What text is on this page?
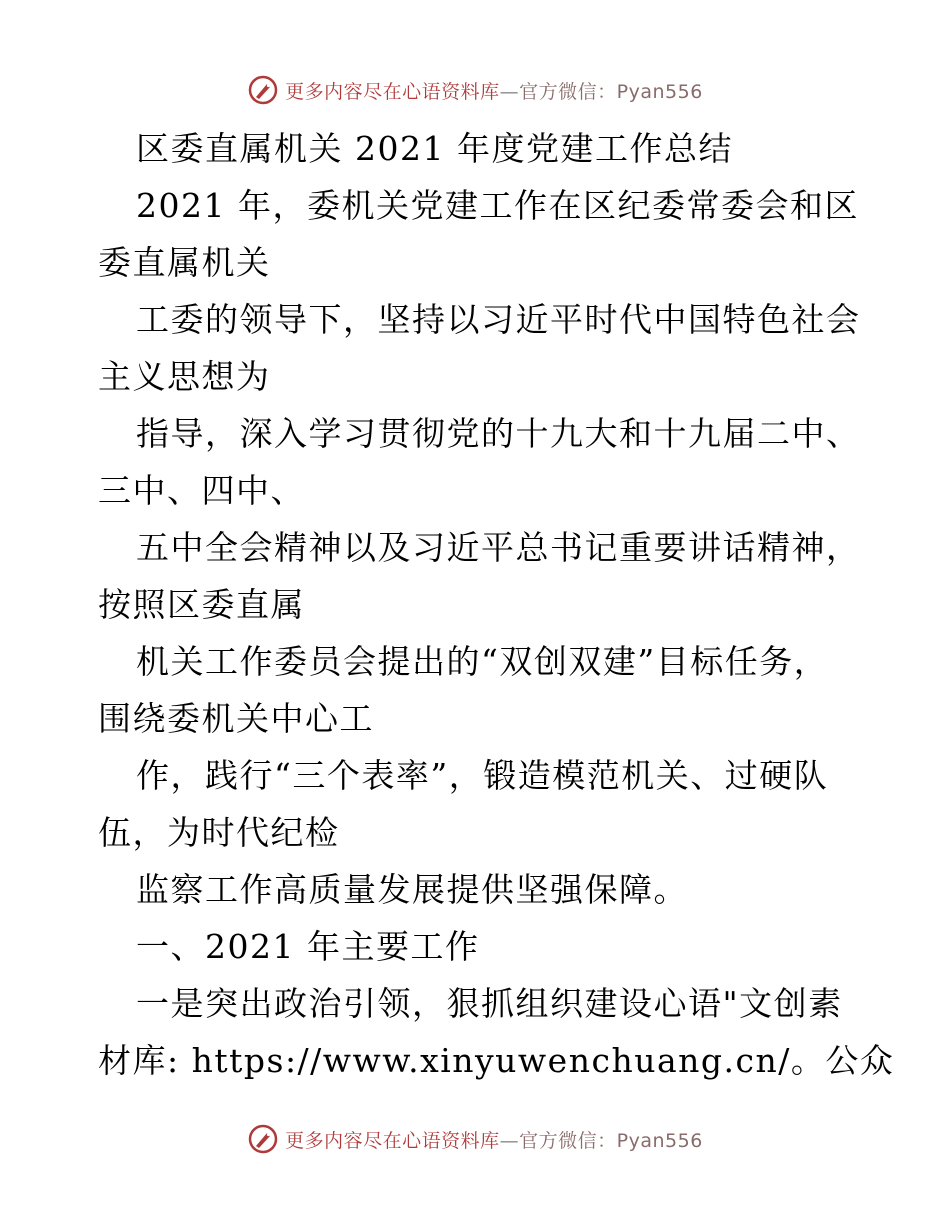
更多内容尽在心语资料库—官方微信：Pyan556
区委直属机关 2021 年度党建工作总结
2021 年，委机关党建工作在区纪委常委会和区
委直属机关
工委的领导下，坚持以习近平时代中国特色社会
主义思想为
指导，深入学习贯彻党的十九大和十九届二中、
三中、四中、
五中全会精神以及习近平总书记重要讲话精神，
按照区委直属
机关工作委员会提出的“双创双建”目标任务，
围绕委机关中心工
作，践行“三个表率”，锻造模范机关、过硬队
伍，为时代纪检
监察工作高质量发展提供坚强保障。
一、2021 年主要工作
一是突出政治引领，狠抓组织建设心语"文创素
材库: https://www.xinyuwenchuang.cn/。公众
更多内容尽在心语资料库—官方微信：Pyan556
